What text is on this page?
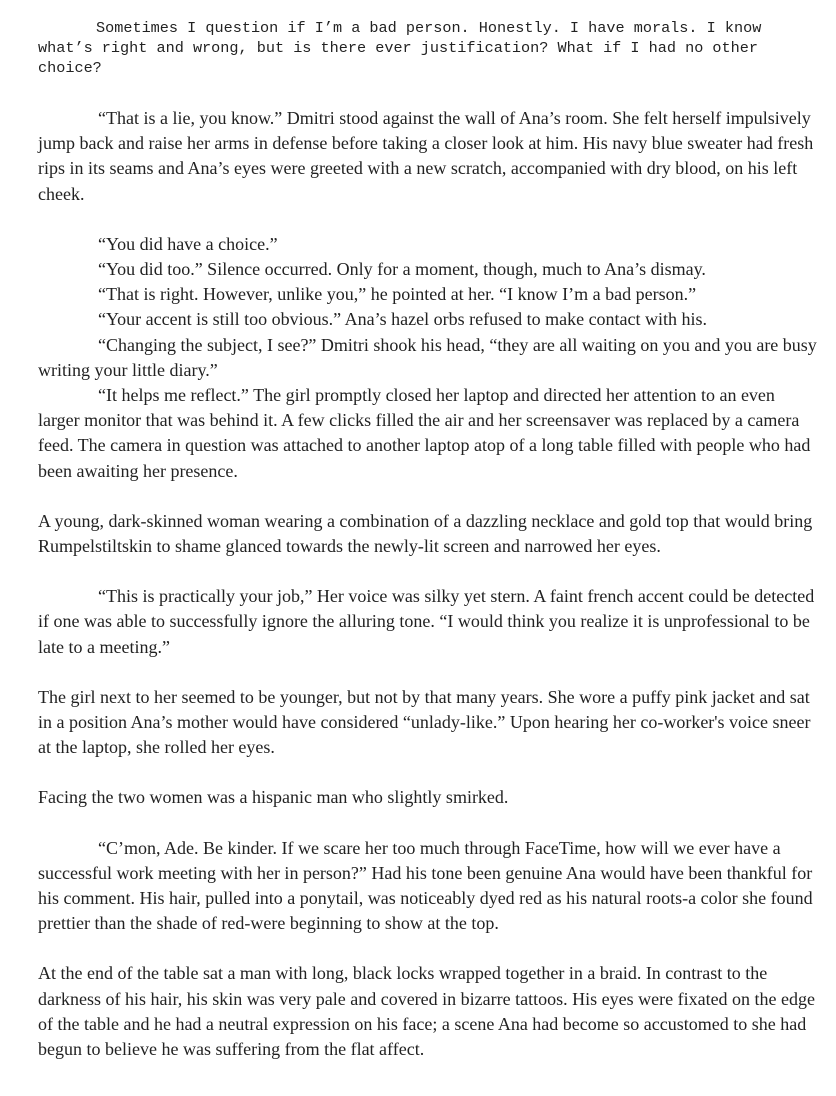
Sometimes I question if I’m a bad person. Honestly. I have morals. I know what’s right and wrong, but is there ever justification? What if I had no other choice?

“That is a lie, you know.” Dmitri stood against the wall of Ana’s room. She felt herself impulsively jump back and raise her arms in defense before taking a closer look at him. His navy blue sweater had fresh rips in its seams and Ana’s eyes were greeted with a new scratch, accompanied with dry blood, on his left cheek.

“You did have a choice.”

“You did too.” Silence occurred. Only for a moment, though, much to Ana’s dismay.

“That is right. However, unlike you,” he pointed at her. “I know I’m a bad person.”

“Your accent is still too obvious.” Ana’s hazel orbs refused to make contact with his.

“Changing the subject, I see?” Dmitri shook his head, “they are all waiting on you and you are busy writing your little diary.”

“It helps me reflect.” The girl promptly closed her laptop and directed her attention to an even larger monitor that was behind it. A few clicks filled the air and her screensaver was replaced by a camera feed. The camera in question was attached to another laptop atop of a long table filled with people who had been awaiting her presence.

A young, dark-skinned woman wearing a combination of a dazzling necklace and gold top that would bring Rumpelstiltskin to shame glanced towards the newly-lit screen and narrowed her eyes.

“This is practically your job,” Her voice was silky yet stern. A faint french accent could be detected if one was able to successfully ignore the alluring tone. “I would think you realize it is unprofessional to be late to a meeting.”

The girl next to her seemed to be younger, but not by that many years. She wore a puffy pink jacket and sat in a position Ana’s mother would have considered “unlady-like.” Upon hearing her co-worker's voice sneer at the laptop, she rolled her eyes.

Facing the two women was a hispanic man who slightly smirked.

“C’mon, Ade. Be kinder. If we scare her too much through FaceTime, how will we ever have a successful work meeting with her in person?” Had his tone been genuine Ana would have been thankful for his comment. His hair, pulled into a ponytail, was noticeably dyed red as his natural roots-a color she found prettier than the shade of red-were beginning to show at the top.

At the end of the table sat a man with long, black locks wrapped together in a braid. In contrast to the darkness of his hair, his skin was very pale and covered in bizarre tattoos. His eyes were fixated on the edge of the table and he had a neutral expression on his face; a scene Ana had become so accustomed to she had begun to believe he was suffering from the flat affect.
